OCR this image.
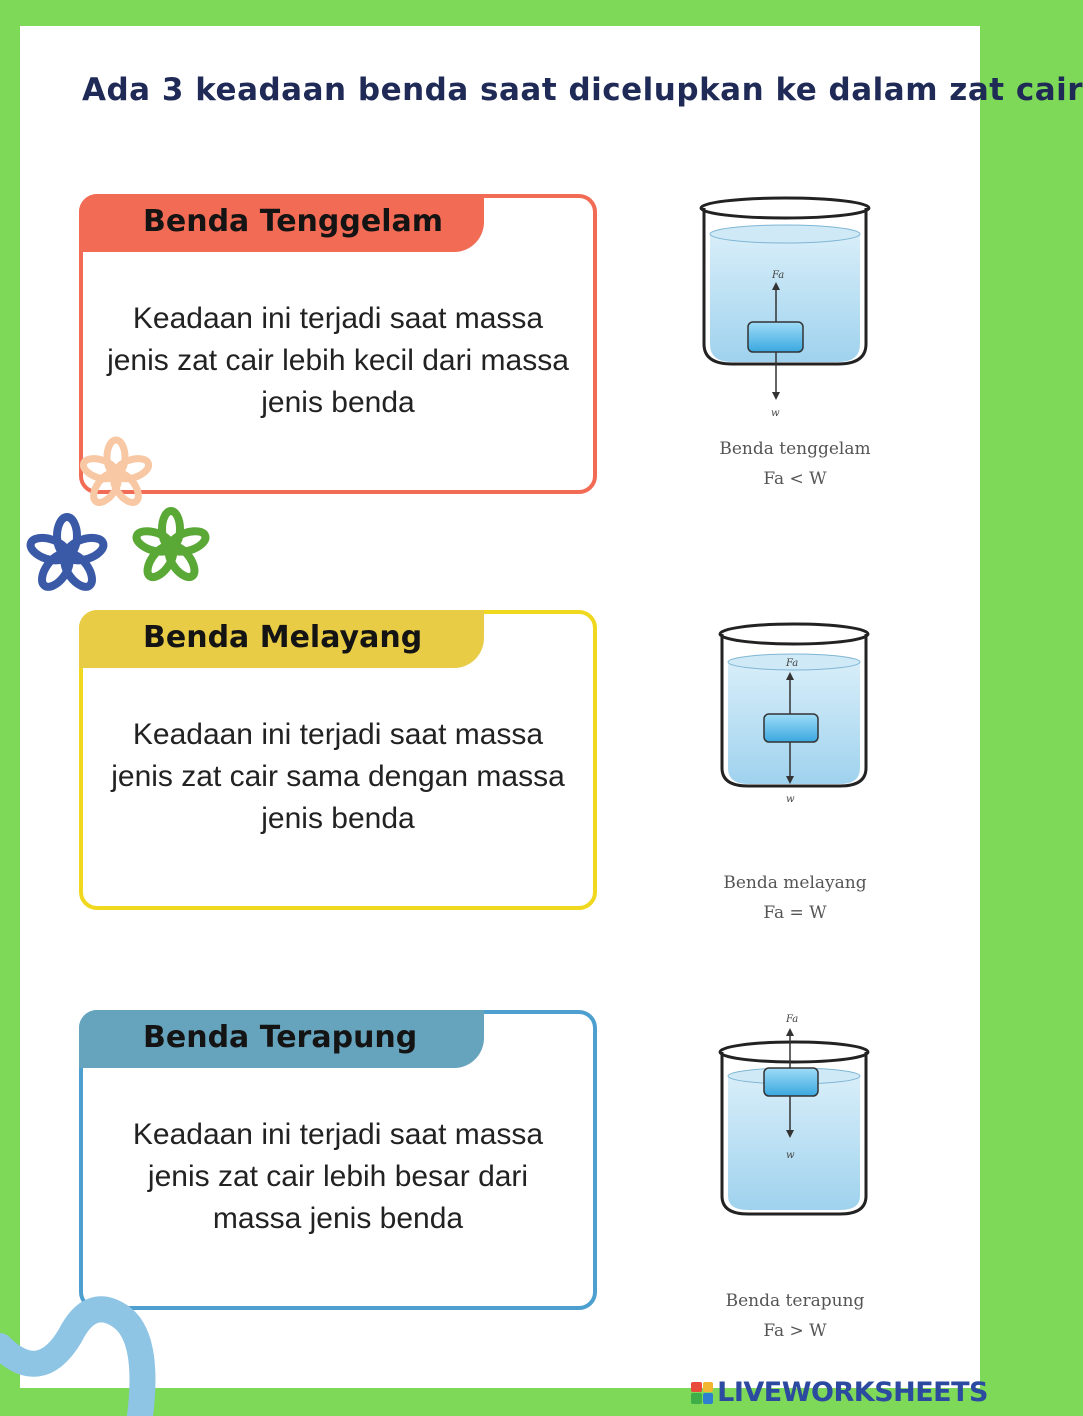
Ada 3 keadaan benda saat dicelupkan ke dalam zat cair
Benda Tenggelam
Keadaan ini terjadi saat massa jenis zat cair lebih kecil dari massa jenis benda
Benda Melayang
Keadaan ini terjadi saat massa jenis zat cair sama dengan massa jenis benda
Benda Terapung
Keadaan ini terjadi saat massa jenis zat cair lebih besar dari massa jenis benda
Fa
w
Benda tenggelam
Fa < W
Fa
w
Benda melayang
Fa = W
Fa
w
Benda terapung
Fa > W
LIVEWORKSHEETS
